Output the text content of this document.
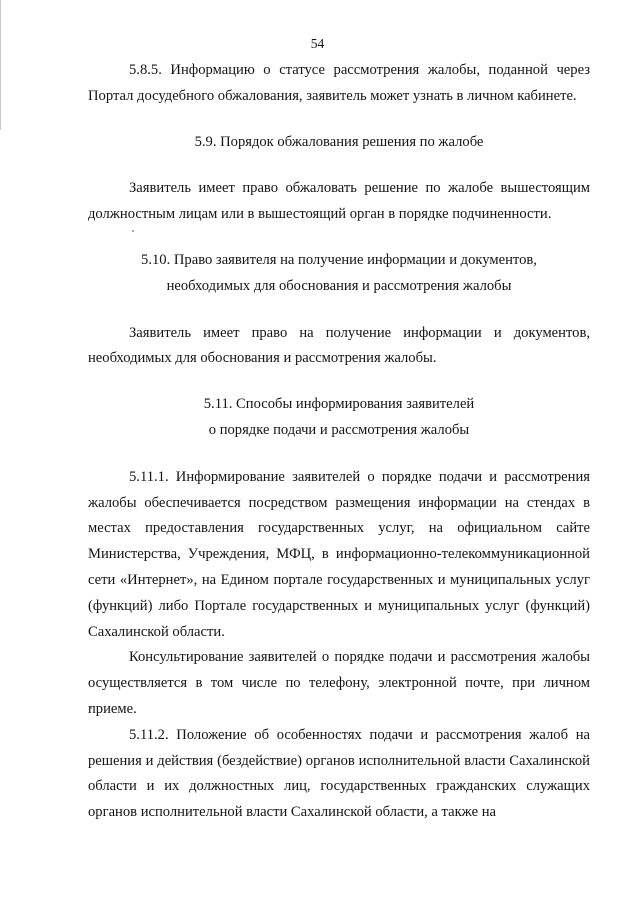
54

5.8.5. Информацию о статусе рассмотрения жалобы, поданной через Портал досудебного обжалования, заявитель может узнать в личном кабинете.

5.9. Порядок обжалования решения по жалобе

Заявитель имеет право обжаловать решение по жалобе вышестоящим должностным лицам или в вышестоящий орган в порядке подчиненности.

5.10. Право заявителя на получение информации и документов,
необходимых для обоснования и рассмотрения жалобы

Заявитель имеет право на получение информации и документов, необходимых для обоснования и рассмотрения жалобы.

5.11. Способы информирования заявителей
о порядке подачи и рассмотрения жалобы

5.11.1. Информирование заявителей о порядке подачи и рассмотрения жалобы обеспечивается посредством размещения информации на стендах в местах предоставления государственных услуг, на официальном сайте Министерства, Учреждения, МФЦ, в информационно-телекоммуникационной сети «Интернет», на Едином портале государственных и муниципальных услуг (функций) либо Портале государственных и муниципальных услуг (функций) Сахалинской области.

Консультирование заявителей о порядке подачи и рассмотрения жалобы осуществляется в том числе по телефону, электронной почте, при личном приеме.

5.11.2. Положение об особенностях подачи и рассмотрения жалоб на решения и действия (бездействие) органов исполнительной власти Сахалинской области и их должностных лиц, государственных гражданских служащих органов исполнительной власти Сахалинской области, а также на
